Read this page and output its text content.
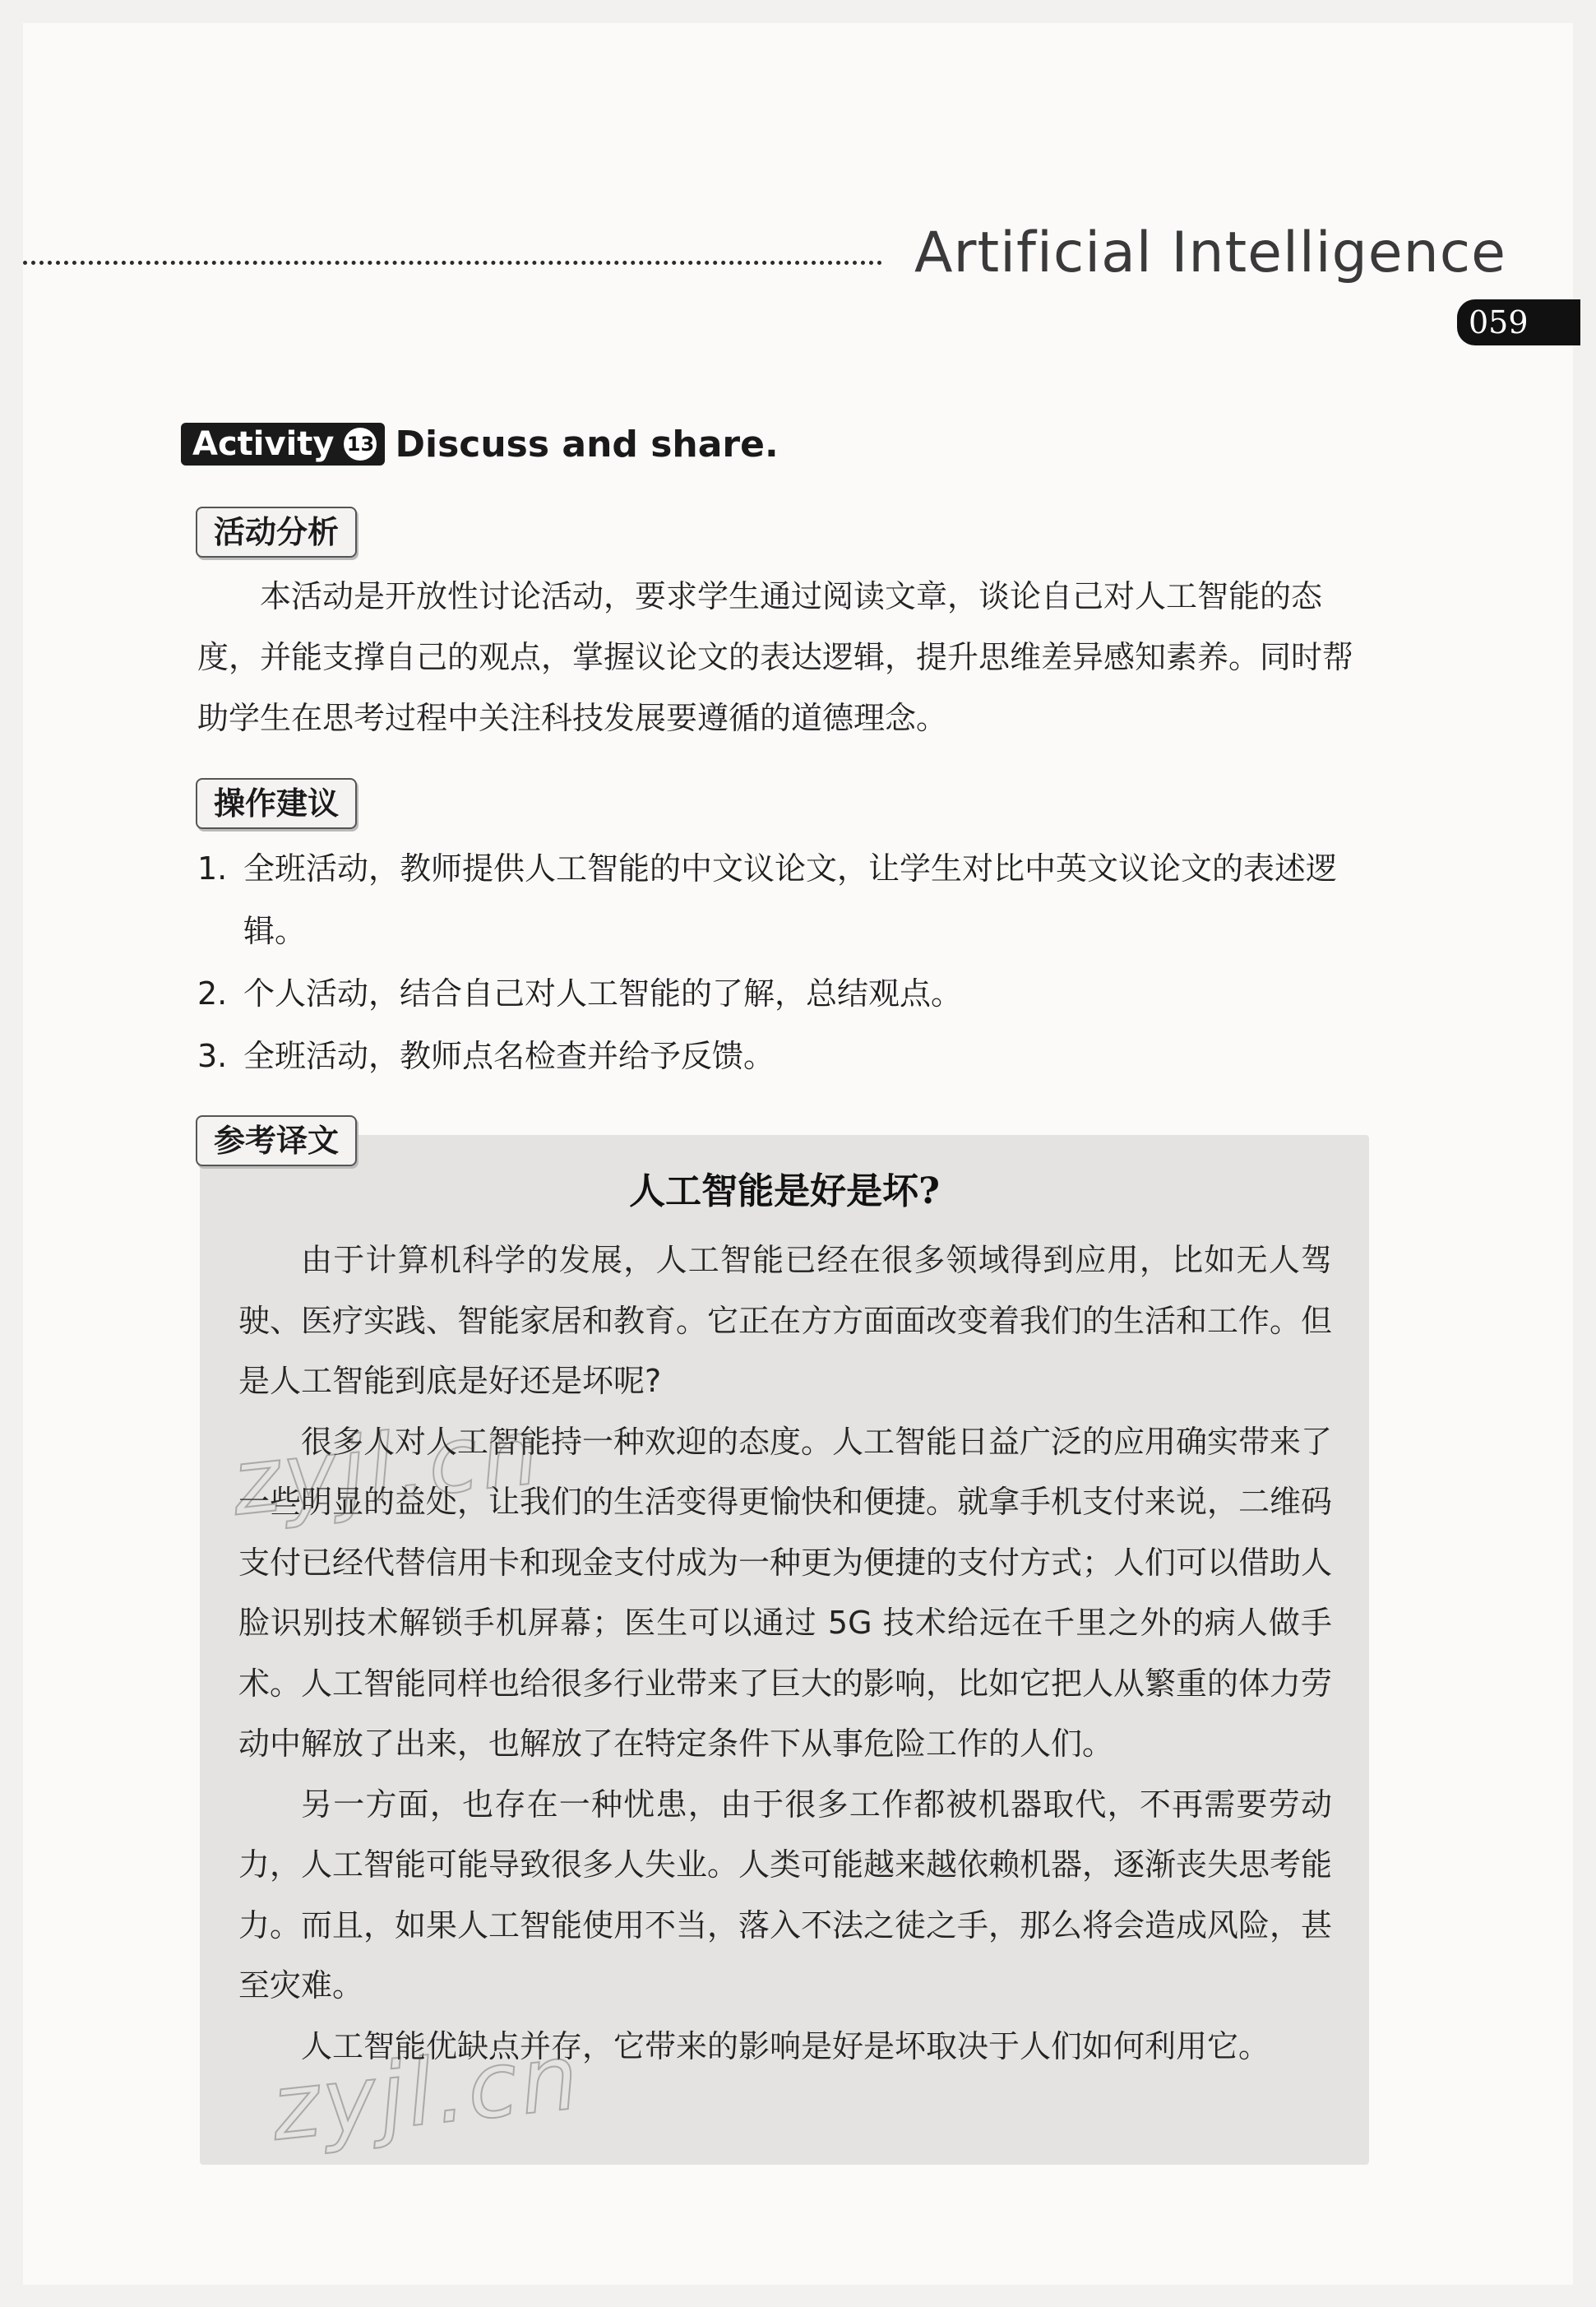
Artificial Intelligence
059
Activity 13 Discuss and share.
活动分析

本活动是开放性讨论活动，要求学生通过阅读文章，谈论自己对人工智能的态度，并能支撑自己的观点，掌握议论文的表达逻辑，提升思维差异感知素养。同时帮助学生在思考过程中关注科技发展要遵循的道德理念。

操作建议
1. 全班活动，教师提供人工智能的中文议论文，让学生对比中英文议论文的表述逻辑。
2. 个人活动，结合自己对人工智能的了解，总结观点。
3. 全班活动，教师点名检查并给予反馈。
参考译文
人工智能是好是坏?

由于计算机科学的发展，人工智能已经在很多领域得到应用，比如无人驾驶、医疗实践、智能家居和教育。它正在方方面面改变着我们的生活和工作。但是人工智能到底是好还是坏呢?

很多人对人工智能持一种欢迎的态度。人工智能日益广泛的应用确实带来了一些明显的益处，让我们的生活变得更愉快和便捷。就拿手机支付来说，二维码支付已经代替信用卡和现金支付成为一种更为便捷的支付方式；人们可以借助人脸识别技术解锁手机屏幕；医生可以通过 5G 技术给远在千里之外的病人做手术。人工智能同样也给很多行业带来了巨大的影响，比如它把人从繁重的体力劳动中解放了出来，也解放了在特定条件下从事危险工作的人们。

另一方面，也存在一种忧患，由于很多工作都被机器取代，不再需要劳动力，人工智能可能导致很多人失业。人类可能越来越依赖机器，逐渐丧失思考能力。而且，如果人工智能使用不当，落入不法之徒之手，那么将会造成风险，甚至灾难。

人工智能优缺点并存，它带来的影响是好是坏取决于人们如何利用它。

zyjl.cn
zyjl.cn
